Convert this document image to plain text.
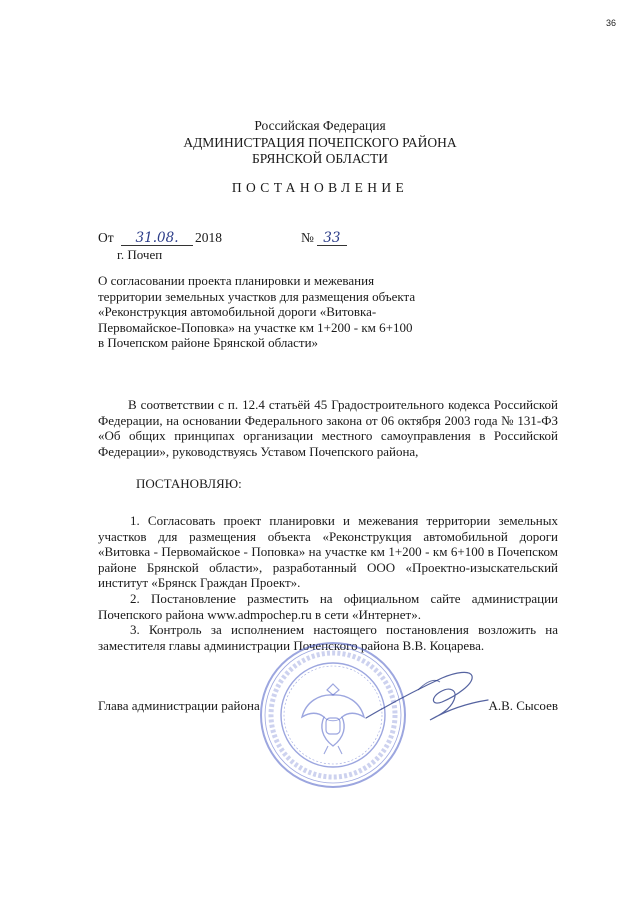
36
Российская Федерация
АДМИНИСТРАЦИЯ ПОЧЕПСКОГО РАЙОНА
БРЯНСКОЙ ОБЛАСТИ
ПОСТАНОВЛЕНИЕ
От 31.08. 2018	№ 33
г. Почеп
О согласовании проекта планировки и межевания
территории земельных участков для размещения объекта
«Реконструкция автомобильной дороги «Витовка-
Первомайское-Поповка» на участке км 1+200 - км 6+100
в Почепском районе Брянской области»

В соответствии с п. 12.4 статьёй 45 Градостроительного кодекса Российской Федерации, на основании Федерального закона от 06 октября 2003 года № 131-ФЗ «Об общих принципах организации местного самоуправления в Российской Федерации», руководствуясь Уставом Почепского района,

ПОСТАНОВЛЯЮ:

1. Согласовать проект планировки и межевания территории земельных участков для размещения объекта «Реконструкция автомобильной дороги «Витовка - Первомайское - Поповка» на участке км 1+200 - км 6+100 в Почепском районе Брянской области», разработанный ООО «Проектно-изыскательский институт «Брянск Граждан Проект».

2. Постановление разместить на официальном сайте администрации Почепского района www.admpochep.ru в сети «Интернет».

3. Контроль за исполнением настоящего постановления возложить на заместителя главы администрации Почепского района В.В. Коцарева.

Глава администрации района	А.В. Сысоев
